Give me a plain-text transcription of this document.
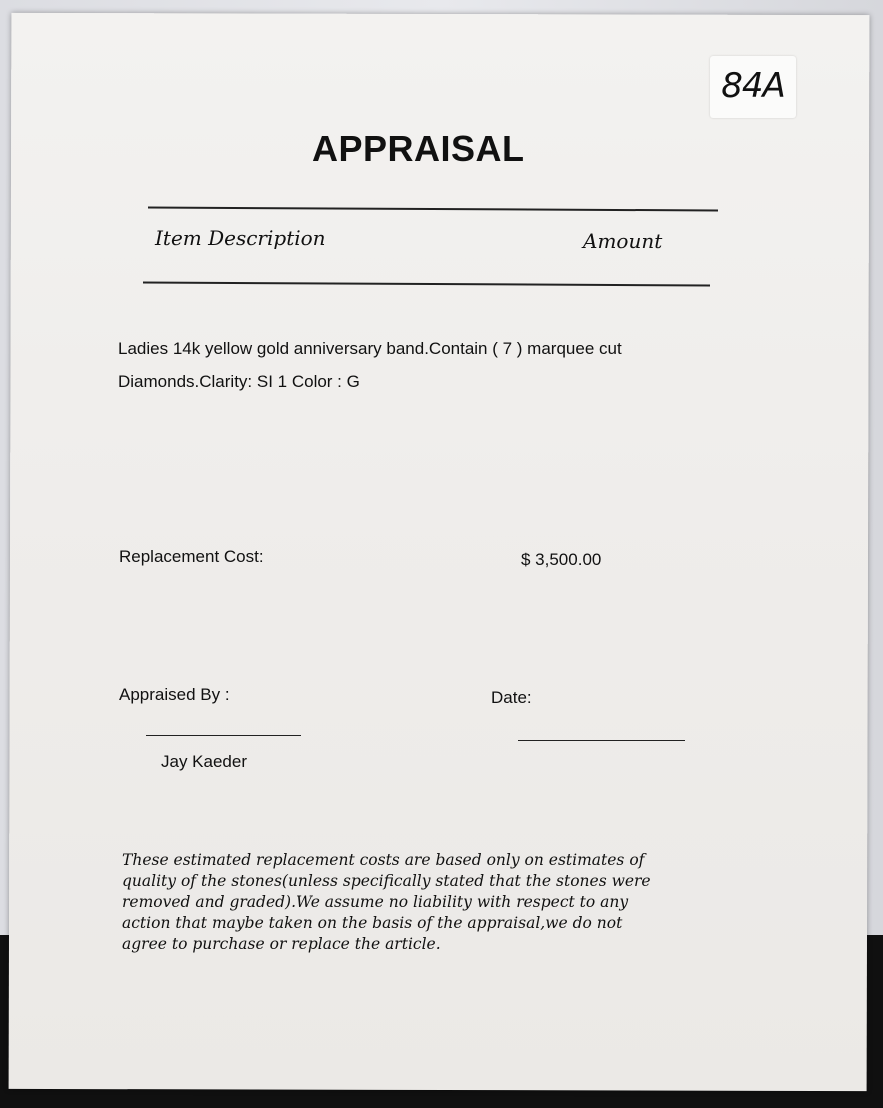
84A
APPRAISAL
Item Description	Amount
Ladies 14k yellow gold anniversary band.Contain ( 7 ) marquee cut
Diamonds.Clarity: SI 1 Color : G
Replacement Cost:	$ 3,500.00
Appraised By :	Date:
Jay Kaeder
These estimated replacement costs are based only on estimates of
quality of the stones(unless specifically stated that the stones were
removed and graded).We assume no liability with respect to any
action that maybe taken on the basis of the appraisal,we do not
agree to purchase or replace the article.
